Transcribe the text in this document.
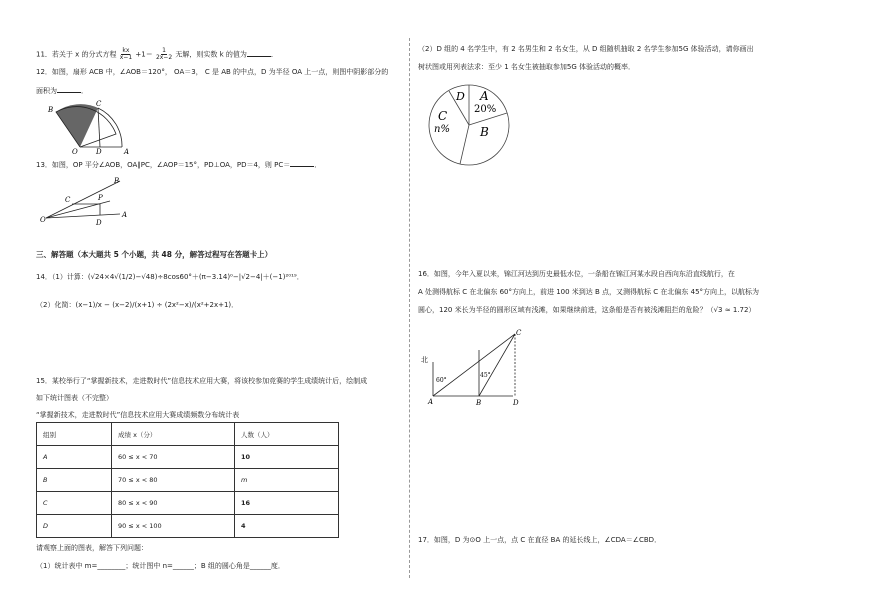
11．若关于 x 的分式方程 $\frac{kx}{x-1} +1= \frac{1}{2x-2}$ 无解，则实数 k 的值为	．
12．如图，扇形 ACB 中，∠AOB＝120°， OA＝3， C 是 AB 的中点，D 为半径 OA 上一点，则图中阴影部分的
面积为	．
B
C
O	D	A
13．如图，OP 平分∠AOB，OA∥PC，∠AOP＝15°，PD⊥OA，PD＝4，则 PC＝	．
B
C	P
O	D
A
三、解答题（本大题共 5 个小题，共 48 分，解答过程写在答题卡上）
14．（1）计算：(√24×4√(1/2)−√48)÷8cos60°＋(π−3.14)⁰−|√2−4|＋(−1)²⁰¹⁹．
（2）化简：(x−1)/x − (x−2)/(x+1) ÷ (2x²−x)/(x²+2x+1)．
15．某校举行了“掌握新技术，走进数时代”信息技术应用大赛，将该校参加竞赛的学生成绩统计后，绘制成
如下统计图表（不完整）
“掌握新技术，走进数时代”信息技术应用大赛成绩频数分布统计表
组别	成绩 x（分）	人数（人）
A	60 ≤ x < 70	10
B	70 ≤ x < 80	m
C	80 ≤ x < 90	16
D	90 ≤ x < 100	4
请观察上面的图表，解答下列问题：
（1）统计表中 m=________；统计图中 n=______；B 组的圆心角是______度．
（2）D 组的 4 名学生中，有 2 名男生和 2 名女生，从 D 组随机抽取 2 名学生参加5G 体验活动，请你画出
树状图或用列表法求：至少 1 名女生被抽取参加5G 体验活动的概率．
A
20%
B
C
n%
D
16．如图，今年入夏以来，锦江河达到历史最低水位，一条船在锦江河某水段自西向东沿直线航行，在
A 处测得航标 C 在北偏东 60°方向上，前进 100 米到达 B 点，又测得航标 C 在北偏东 45°方向上，以航标为
圆心，120 米长为半径的圆形区域有浅滩，如果继续前进，这条船是否有被浅滩阻拦的危险？（√3 ≈ 1.72）
北
60°
45°
A	B
C
D
17．如图，D 为⊙O 上一点，点 C 在直径 BA 的延长线上，∠CDA＝∠CBD．
